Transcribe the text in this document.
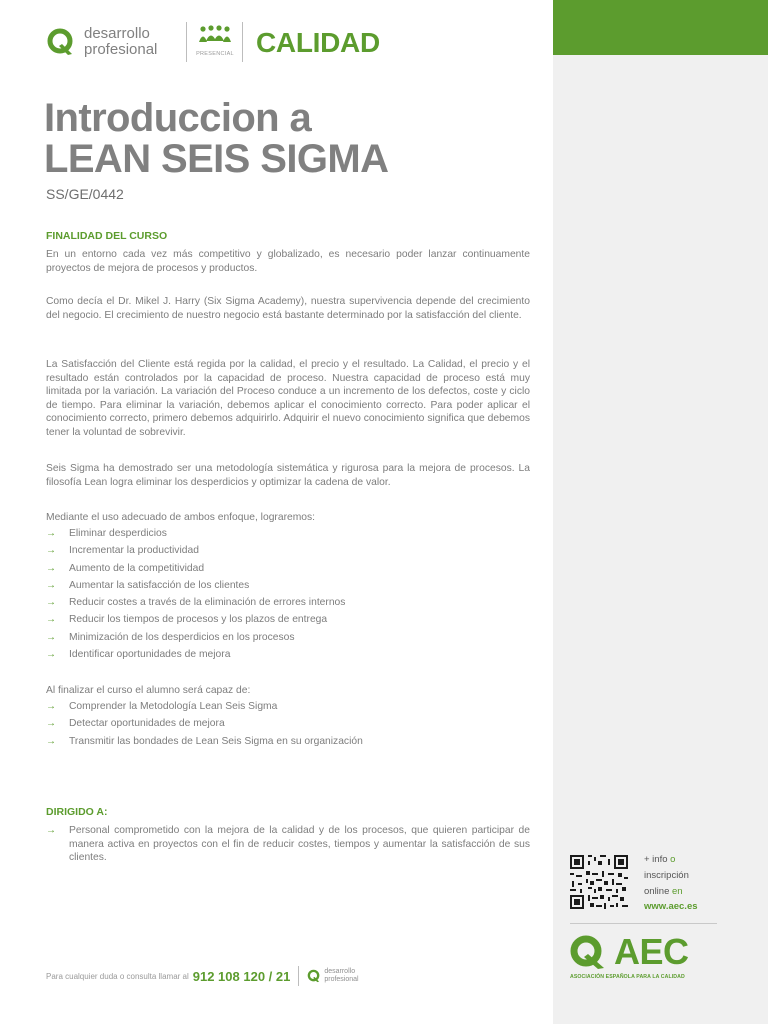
desarrollo
profesional	PRESENCIAL CALIDAD
Introduccion a
LEAN SEIS SIGMA
SS/GE/0442
FINALIDAD DEL CURSO

En un entorno cada vez más competitivo y globalizado, es necesario poder lanzar continuamente proyectos de mejora de procesos y productos.

Como decía el Dr. Mikel J. Harry (Six Sigma Academy), nuestra supervivencia depende del crecimiento del negocio. El crecimiento de nuestro negocio está bastante determinado por la satisfacción del cliente.

La Satisfacción del Cliente está regida por la calidad, el precio y el resultado. La Calidad, el precio y el resultado están controlados por la capacidad de proceso. Nuestra capacidad de proceso está muy limitada por la variación. La variación del Proceso conduce a un incremento de los defectos, coste y ciclo de tiempo. Para eliminar la variación, debemos aplicar el conocimiento correcto. Para poder aplicar el conocimiento correcto, primero debemos adquirirlo. Adquirir el nuevo conocimiento significa que debemos tener la voluntad de sobrevivir.

Seis Sigma ha demostrado ser una metodología sistemática y rigurosa para la mejora de procesos. La filosofía Lean logra eliminar los desperdicios y optimizar la cadena de valor.

Mediante el uso adecuado de ambos enfoque, lograremos:

→ Eliminar desperdicios
→ Incrementar la productividad
→ Aumento de la competitividad
→ Aumentar la satisfacción de los clientes
→ Reducir costes a través de la eliminación de errores internos
→ Reducir los tiempos de procesos y los plazos de entrega
→ Minimización de los desperdicios en los procesos
→ Identificar oportunidades de mejora

Al finalizar el curso el alumno será capaz de:

→ Comprender la Metodología Lean Seis Sigma
→ Detectar oportunidades de mejora
→ Transmitir las bondades de Lean Seis Sigma en su organización
DIRIGIDO A:
→ Personal comprometido con la mejora de la calidad y de los procesos, que quieren participar de manera activa en proyectos con el fin de reducir costes, tiempos y aumentar la satisfacción de sus clientes.
Para cualquier duda o consulta llamar al 912 108 120 / 21	desarrollo
profesional
+ info o
inscripción
online en
www.aec.es
AEC
ASOCIACIÓN ESPAÑOLA PARA LA CALIDAD
